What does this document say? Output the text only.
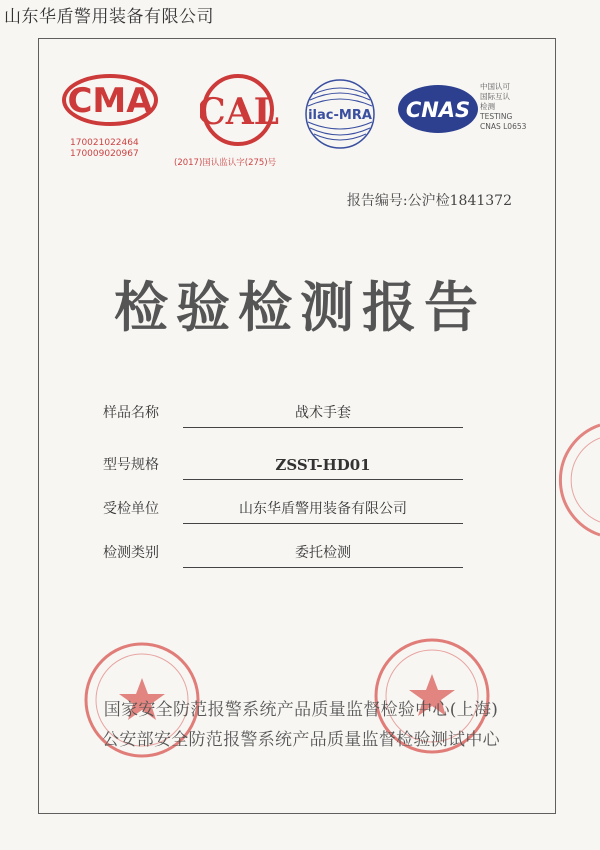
山东华盾警用装备有限公司
CMA
170021022464
170009020967
CAL
(2017)国认监认字(275)号
ilac-MRA CNAS
中国认可
国际互认
检测
TESTING
CNAS L0653
报告编号:公沪检1841372
检验检测报告
样品名称	战术手套
型号规格	ZSST-HD01
受检单位	山东华盾警用装备有限公司
检测类别	委托检测
国家安全防范报警系统产品质量监督检验中心(上海)
公安部安全防范报警系统产品质量监督检验测试中心
